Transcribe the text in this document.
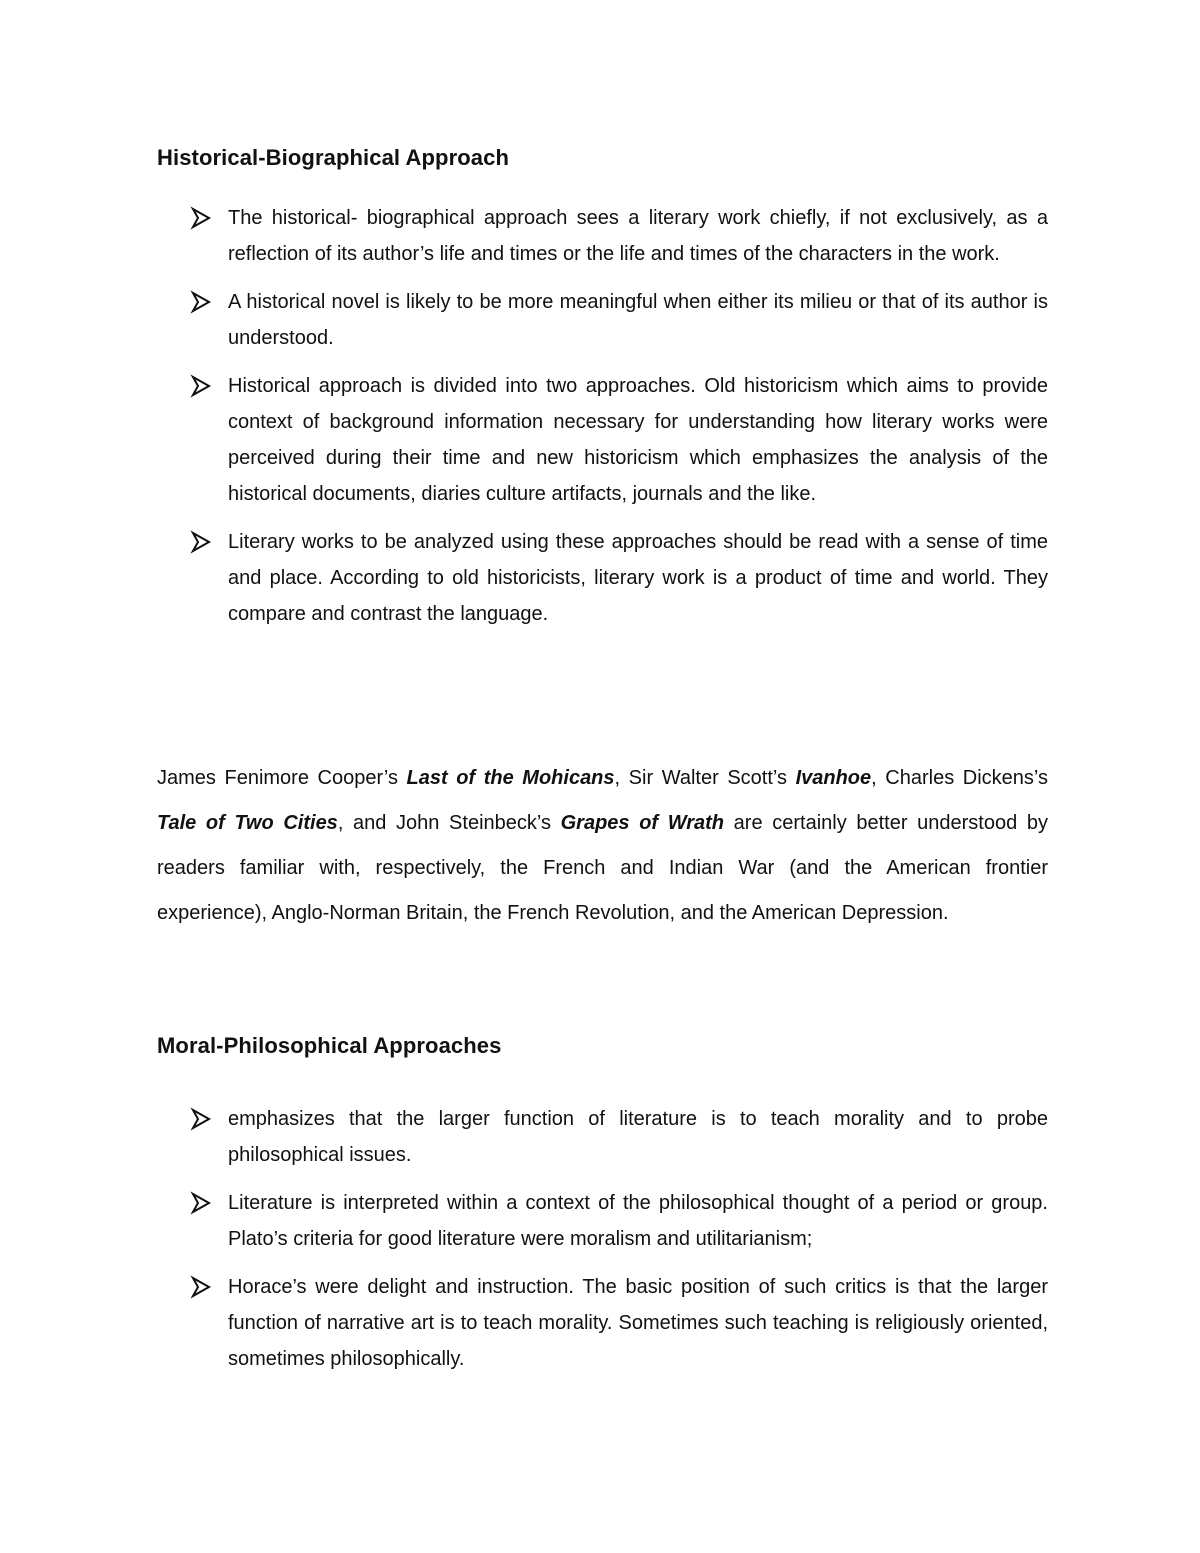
Historical-Biographical Approach
The historical- biographical approach sees a literary work chiefly, if not exclusively, as a reflection of its author’s life and times or the life and times of the characters in the work.
A historical novel is likely to be more meaningful when either its milieu or that of its author is understood.
Historical approach is divided into two approaches. Old historicism which aims to provide context of background information necessary for understanding how literary works were perceived during their time and new historicism which emphasizes the analysis of the historical documents, diaries culture artifacts, journals and the like.
Literary works to be analyzed using these approaches should be read with a sense of time and place. According to old historicists, literary work is a product of time and world. They compare and contrast the language.

James Fenimore Cooper’s Last of the Mohicans, Sir Walter Scott’s Ivanhoe, Charles Dickens’s Tale of Two Cities, and John Steinbeck’s Grapes of Wrath are certainly better understood by readers familiar with, respectively, the French and Indian War (and the American frontier experience), Anglo-Norman Britain, the French Revolution, and the American Depression.

Moral-Philosophical Approaches
emphasizes that the larger function of literature is to teach morality and to probe philosophical issues.
Literature is interpreted within a context of the philosophical thought of a period or group. Plato’s criteria for good literature were moralism and utilitarianism;
Horace’s were delight and instruction. The basic position of such critics is that the larger function of narrative art is to teach morality. Sometimes such teaching is religiously oriented, sometimes philosophically.
